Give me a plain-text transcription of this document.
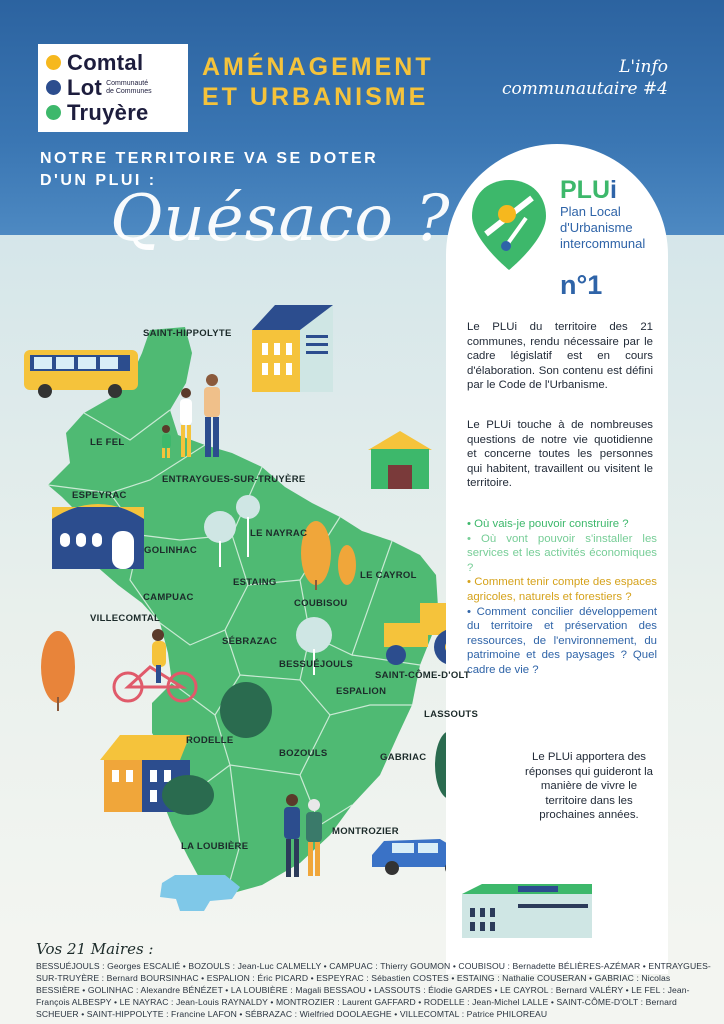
Comtal
Lot Communauté
de Communes
Truyère
AMÉNAGEMENT
ET URBANISME
L'info
communautaire #4
NOTRE TERRITOIRE VA SE DOTER
D'UN PLUI :
Quésaco ?	PLUi
Plan Local
d'Urbanisme
intercommunal
n°1

Le PLUi du territoire des 21 communes, rendu nécessaire par le cadre législatif est en cours d'élaboration. Son contenu est défini par le Code de l'Urbanisme.

Le PLUi touche à de nombreuses questions de notre vie quotidienne et concerne toutes les personnes qui habitent, travaillent ou visitent le territoire.

• Où vais-je pouvoir construire ?

• Où vont pouvoir s'installer les services et les activités économiques ?

• Comment tenir compte des espaces agricoles, naturels et forestiers ?

• Comment concilier développement du territoire et préservation des ressources, de l'environnement, du patrimoine et des paysages ? Quel cadre de vie ?

Le PLUi apportera des réponses qui guideront la manière de vivre le territoire dans les prochaines années.

SAINT-HIPPOLYTE
LE FEL
ENTRAYGUES-SUR-TRUYÈRE
ESPEYRAC
GOLINHAC
LE NAYRAC
ESTAING
LE CAYROL
CAMPUAC
VILLECOMTAL
COUBISOU
SÉBRAZAC
BESSUÉJOULS
SAINT-CÔME-D'OLT
ESPALION
LASSOUTS
RODELLE
BOZOULS	GABRIAC
MONTROZIER
LA LOUBIÈRE
Vos 21 Maires :
BESSUÉJOULS : Georges ESCALIÉ • BOZOULS : Jean-Luc CALMELLY • CAMPUAC : Thierry GOUMON • COUBISOU : Bernadette BÉLIÈRES-AZÉMAR • ENTRAYGUES-SUR-TRUYÈRE : Bernard BOURSINHAC • ESPALION : Éric PICARD • ESPEYRAC : Sébastien COSTES • ESTAING : Nathalie COUSERAN • GABRIAC : Nicolas BESSIÈRE • GOLINHAC : Alexandre BÉNÉZET • LA LOUBIÈRE : Magali BESSAOU • LASSOUTS : Élodie GARDES • LE CAYROL : Bernard VALÉRY • LE FEL : Jean-François ALBESPY • LE NAYRAC : Jean-Louis RAYNALDY • MONTROZIER : Laurent GAFFARD • RODELLE : Jean-Michel LALLE • SAINT-CÔME-D'OLT : Bernard SCHEUER • SAINT-HIPPOLYTE : Francine LAFON • SÉBRAZAC : Wielfried DOOLAEGHE • VILLECOMTAL : Patrice PHILOREAU
